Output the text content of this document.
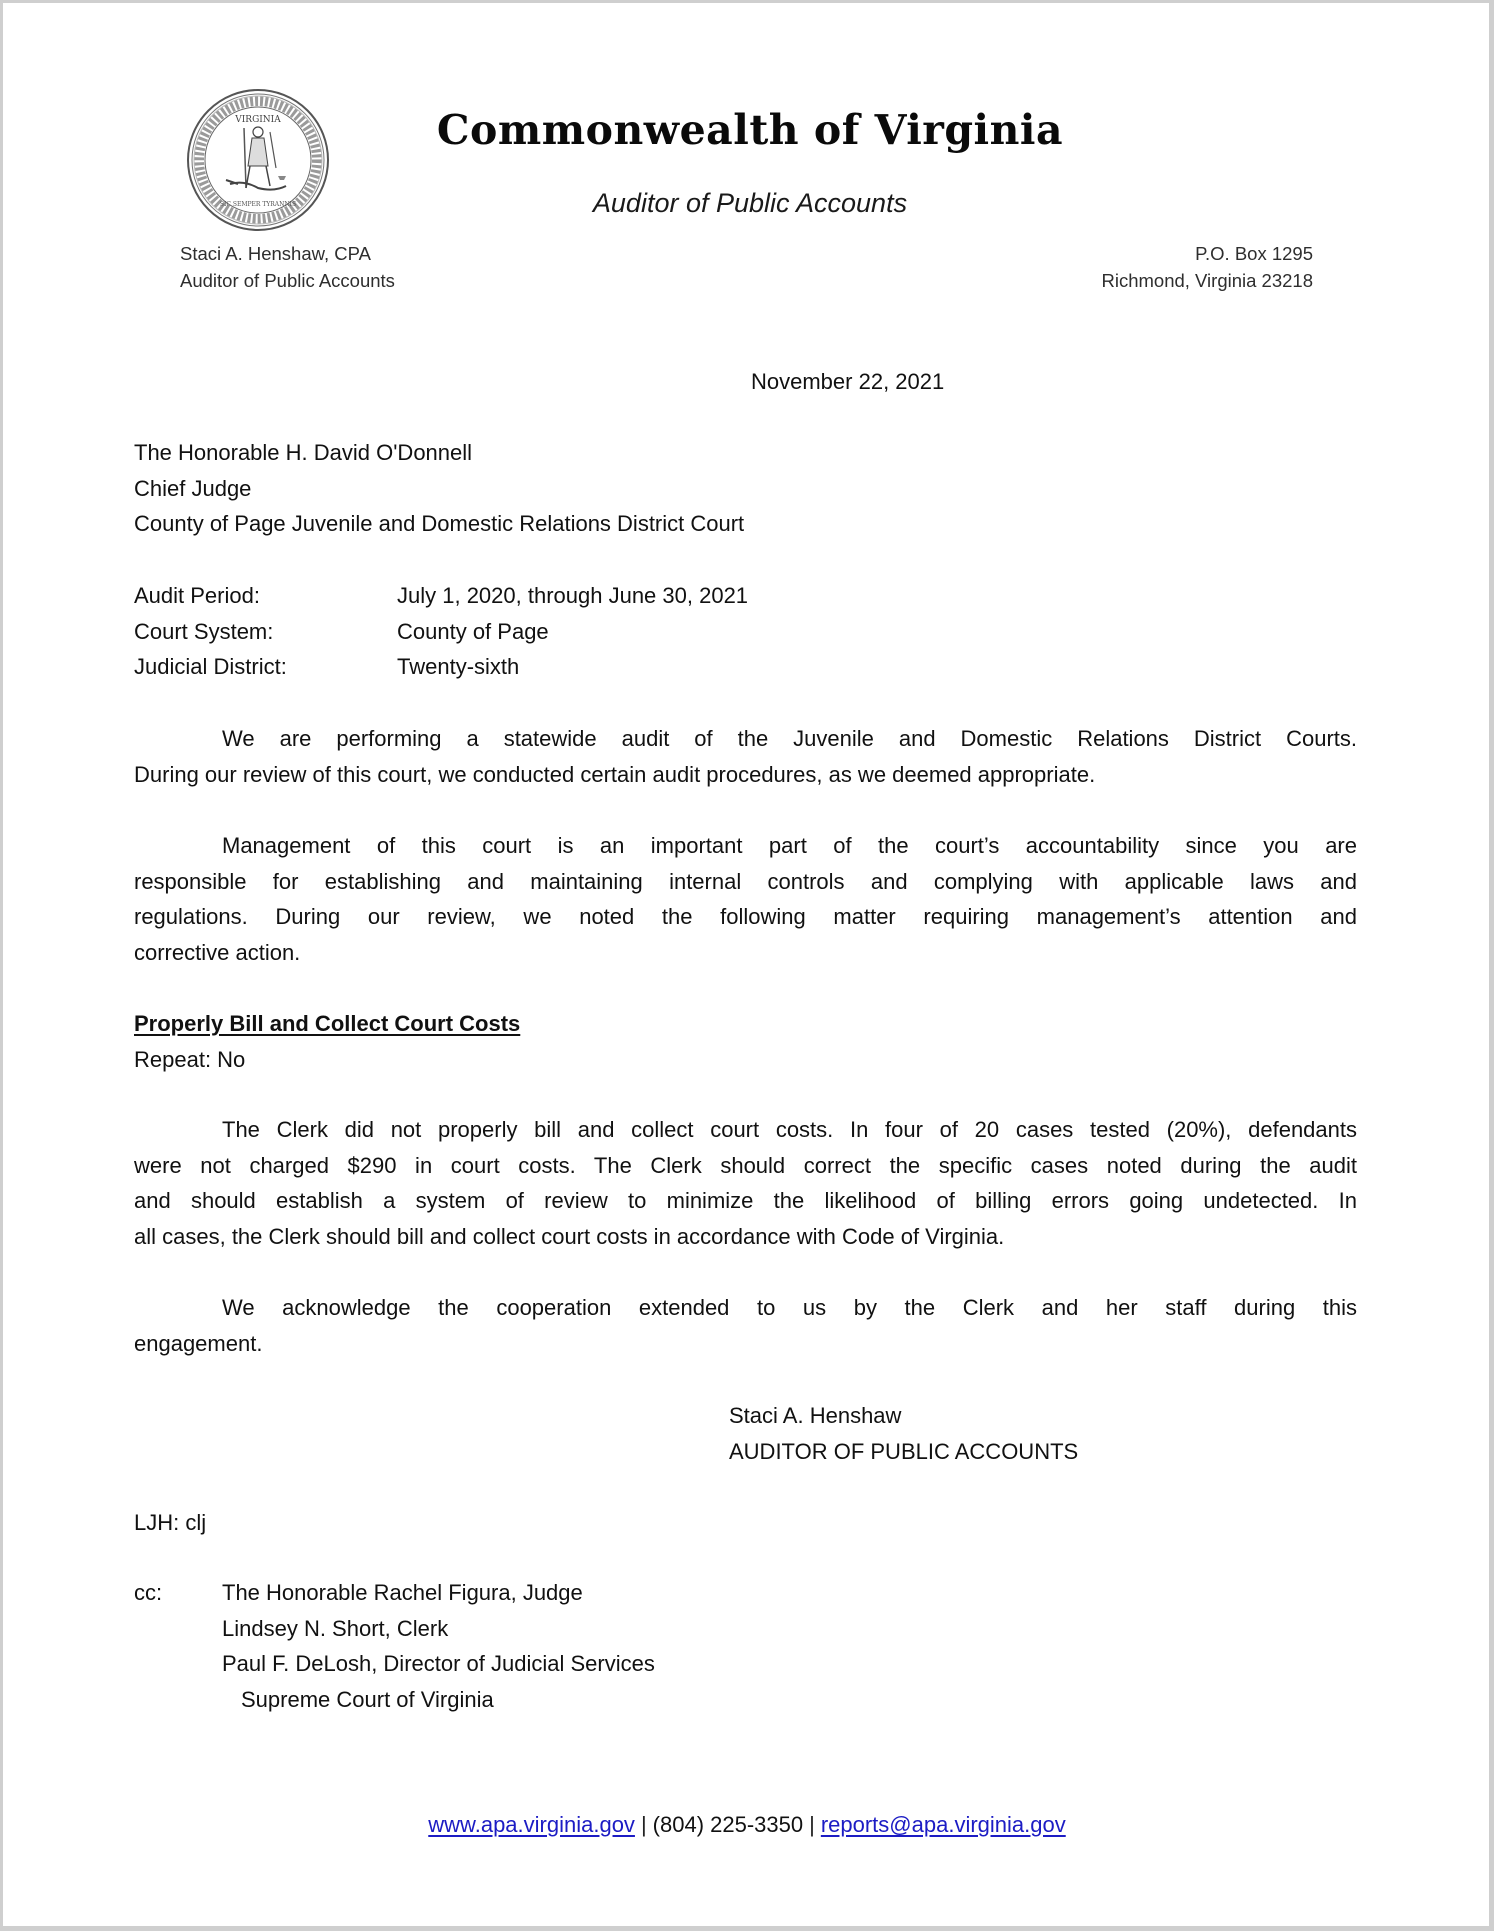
VIRGINIA
SIC SEMPER TYRANNIS
Commonwealth of Virginia
Auditor of Public Accounts
Staci A. Henshaw, CPA
Auditor of Public Accounts
P.O. Box 1295
Richmond, Virginia 23218
November 22, 2021
The Honorable H. David O'Donnell
Chief Judge
County of Page Juvenile and Domestic Relations District Court
Audit Period:	July 1, 2020, through June 30, 2021
Court System:	County of Page
Judicial District:	Twenty-sixth
We are performing a statewide audit of the Juvenile and Domestic Relations District Courts.
During our review of this court, we conducted certain audit procedures, as we deemed appropriate.
Management of this court is an important part of the court’s accountability since you are
responsible for establishing and maintaining internal controls and complying with applicable laws and
regulations. During our review, we noted the following matter requiring management’s attention and
corrective action.
Properly Bill and Collect Court Costs
Repeat: No
The Clerk did not properly bill and collect court costs. In four of 20 cases tested (20%), defendants
were not charged $290 in court costs. The Clerk should correct the specific cases noted during the audit
and should establish a system of review to minimize the likelihood of billing errors going undetected. In
all cases, the Clerk should bill and collect court costs in accordance with Code of Virginia.
We acknowledge the cooperation extended to us by the Clerk and her staff during this
engagement.
Staci A. Henshaw
AUDITOR OF PUBLIC ACCOUNTS
LJH: clj
cc:	The Honorable Rachel Figura, Judge
Lindsey N. Short, Clerk
Paul F. DeLosh, Director of Judicial Services
Supreme Court of Virginia
www.apa.virginia.gov | (804) 225-3350 | reports@apa.virginia.gov
